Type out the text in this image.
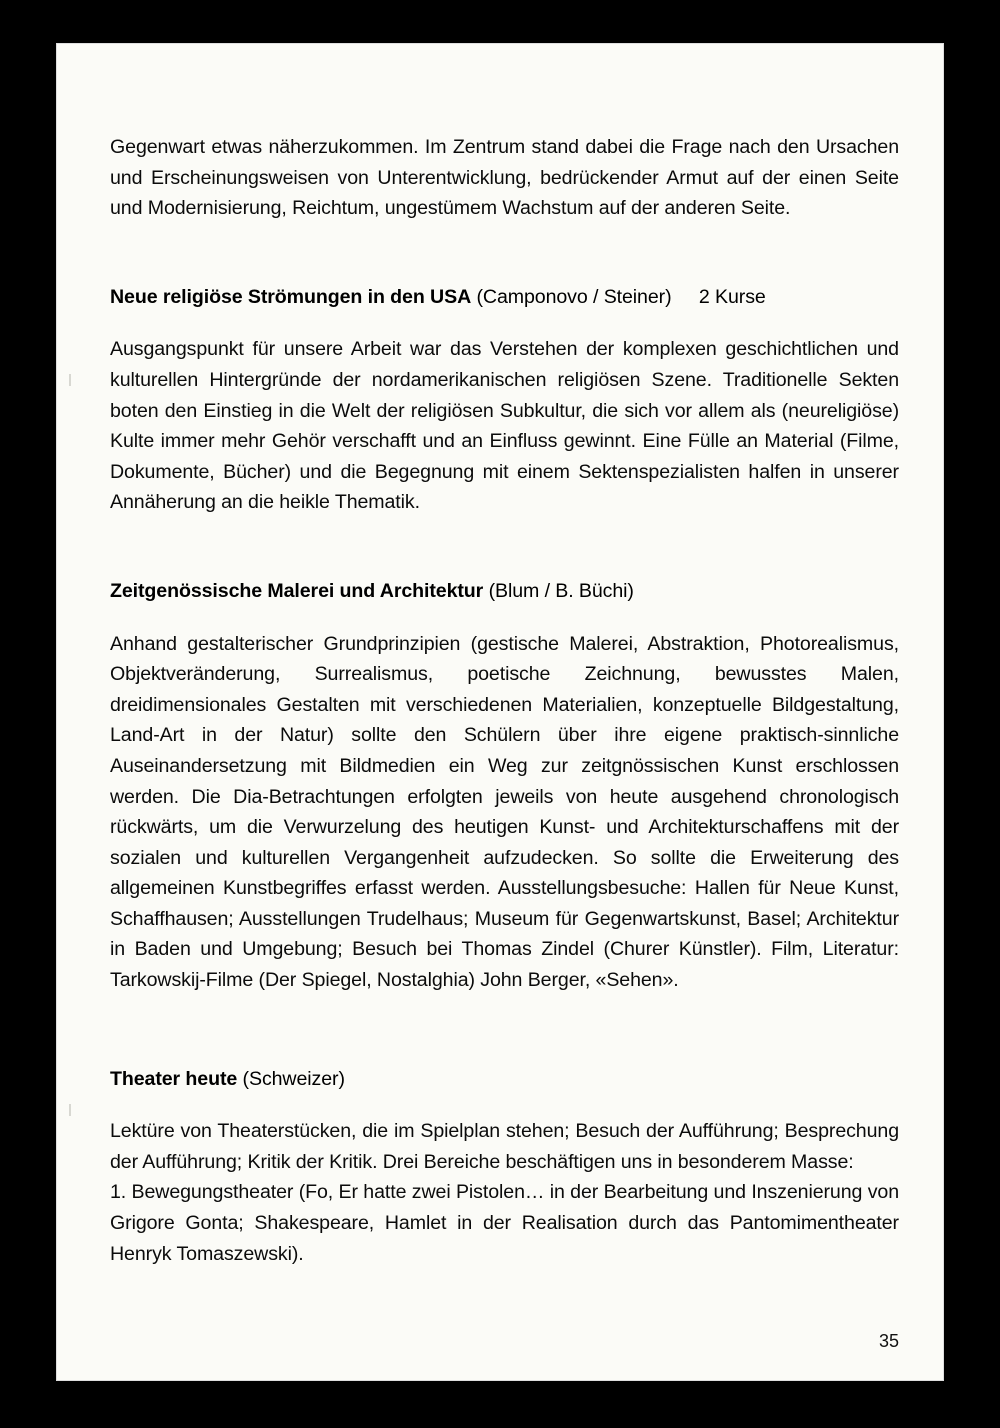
Gegenwart etwas näherzukommen. Im Zentrum stand dabei die Frage nach den Ursachen und Erscheinungsweisen von Unterentwicklung, bedrückender Armut auf der einen Seite und Modernisierung, Reichtum, ungestümem Wachstum auf der anderen Seite.

Neue religiöse Strömungen in den USA (Camponovo / Steiner) 2 Kurse

Ausgangspunkt für unsere Arbeit war das Verstehen der komplexen geschichtlichen und kulturellen Hintergründe der nordamerikanischen religiösen Szene. Traditionelle Sekten boten den Einstieg in die Welt der religiösen Subkultur, die sich vor allem als (neureligiöse) Kulte immer mehr Gehör verschafft und an Einfluss gewinnt. Eine Fülle an Material (Filme, Dokumente, Bücher) und die Begegnung mit einem Sektenspezialisten halfen in unserer Annäherung an die heikle Thematik.

Zeitgenössische Malerei und Architektur (Blum / B. Büchi)

Anhand gestalterischer Grundprinzipien (gestische Malerei, Abstraktion, Photorealismus, Objektveränderung, Surrealismus, poetische Zeichnung, bewusstes Malen, dreidimensionales Gestalten mit verschiedenen Materialien, konzeptuelle Bildgestaltung, Land-Art in der Natur) sollte den Schülern über ihre eigene praktisch-sinnliche Auseinandersetzung mit Bildmedien ein Weg zur zeitgnössischen Kunst erschlossen werden. Die Dia-Betrachtungen erfolgten jeweils von heute ausgehend chronologisch rückwärts, um die Verwurzelung des heutigen Kunst- und Architekturschaffens mit der sozialen und kulturellen Vergangenheit aufzudecken. So sollte die Erweiterung des allgemeinen Kunstbegriffes erfasst werden. Ausstellungsbesuche: Hallen für Neue Kunst, Schaffhausen; Ausstellungen Trudelhaus; Museum für Gegenwartskunst, Basel; Architektur in Baden und Umgebung; Besuch bei Thomas Zindel (Churer Künstler). Film, Literatur: Tarkowskij-Filme (Der Spiegel, Nostalghia) John Berger, «Sehen».

Theater heute (Schweizer)

Lektüre von Theaterstücken, die im Spielplan stehen; Besuch der Aufführung; Besprechung der Aufführung; Kritik der Kritik. Drei Bereiche beschäftigen uns in besonderem Masse:

1. Bewegungstheater (Fo, Er hatte zwei Pistolen… in der Bearbeitung und Inszenierung von Grigore Gonta; Shakespeare, Hamlet in der Realisation durch das Pantomimentheater Henryk Tomaszewski).

35
